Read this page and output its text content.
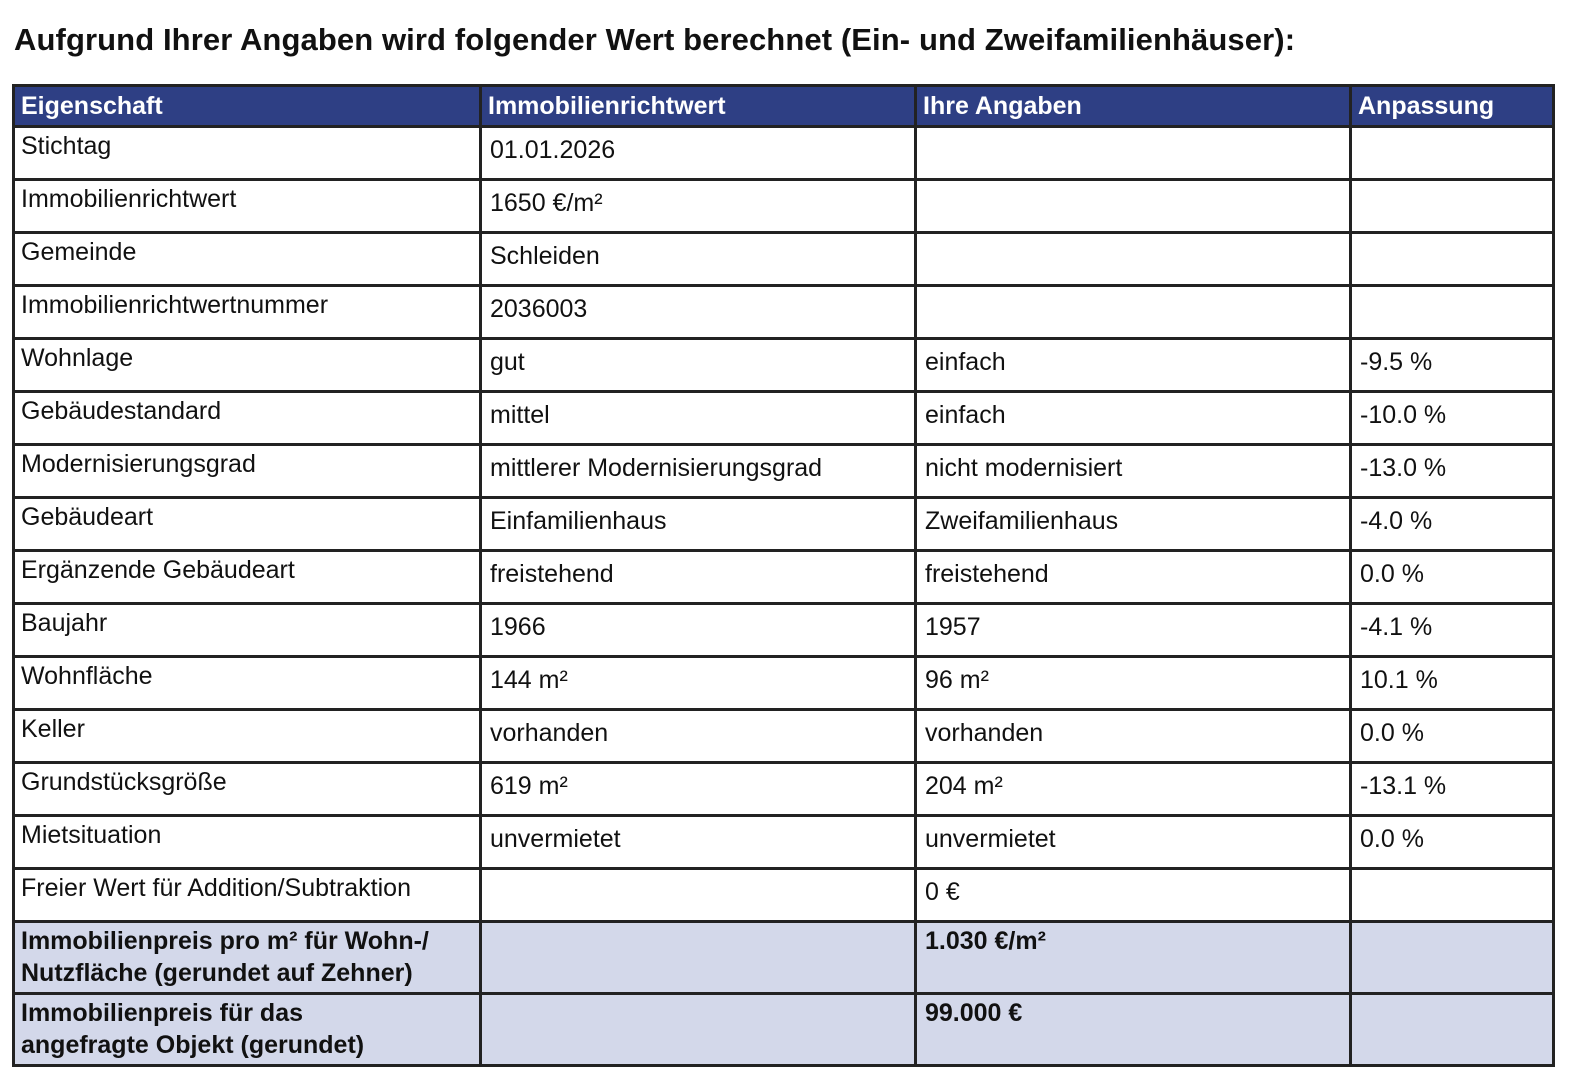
Aufgrund Ihrer Angaben wird folgender Wert berechnet (Ein- und Zweifamilienhäuser):
Eigenschaft	Immobilienrichtwert	Ihre Angaben	Anpassung
Stichtag	01.01.2026		
Immobilienrichtwert	1650 €/m²		
Gemeinde	Schleiden		
Immobilienrichtwertnummer	2036003		
Wohnlage	gut	einfach	-9.5 %
Gebäudestandard	mittel	einfach	-10.0 %
Modernisierungsgrad	mittlerer Modernisierungsgrad	nicht modernisiert	-13.0 %
Gebäudeart	Einfamilienhaus	Zweifamilienhaus	-4.0 %
Ergänzende Gebäudeart	freistehend	freistehend	0.0 %
Baujahr	1966	1957	-4.1 %
Wohnfläche	144 m²	96 m²	10.1 %
Keller	vorhanden	vorhanden	0.0 %
Grundstücksgröße	619 m²	204 m²	-13.1 %
Mietsituation	unvermietet	unvermietet	0.0 %
Freier Wert für Addition/Subtraktion		0 €	
Immobilienpreis pro m² für Wohn-/
Nutzfläche (gerundet auf Zehner)		1.030 €/m²	
Immobilienpreis für das
angefragte Objekt (gerundet)		99.000 €	
